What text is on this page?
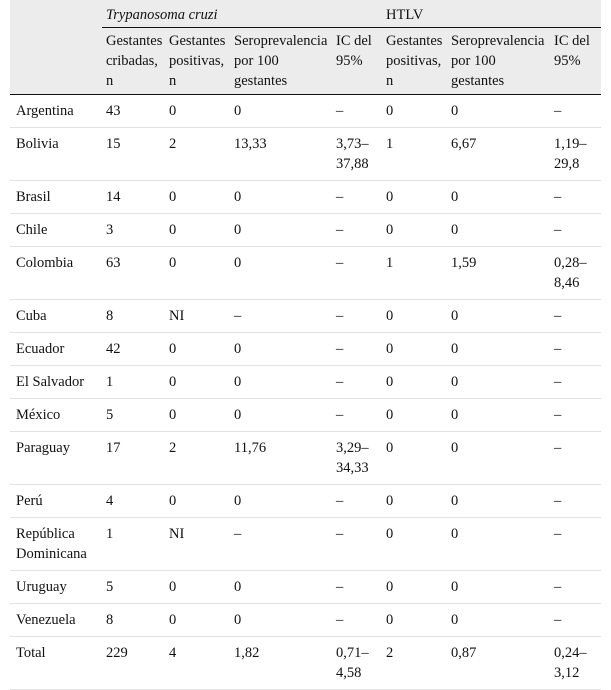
	Trypanosoma cruzi				HTLV		
	Gestantes cribadas, n	Gestantes positivas, n	Seroprevalencia por 100 gestantes	IC del 95%	Gestantes positivas, n	Seroprevalencia por 100 gestantes	IC del 95%
Argentina	43	0	0	–	0	0	–
Bolivia	15	2	13,33	3,73–37,88	1	6,67	1,19–29,8
Brasil	14	0	0	–	0	0	–
Chile	3	0	0	–	0	0	–
Colombia	63	0	0	–	1	1,59	0,28–8,46
Cuba	8	NI	–	–	0	0	–
Ecuador	42	0	0	–	0	0	–
El Salvador	1	0	0	–	0	0	–
México	5	0	0	–	0	0	–
Paraguay	17	2	11,76	3,29–34,33	0	0	–
Perú	4	0	0	–	0	0	–
República Dominicana	1	NI	–	–	0	0	–
Uruguay	5	0	0	–	0	0	–
Venezuela	8	0	0	–	0	0	–
Total	229	4	1,82	0,71–4,58	2	0,87	0,24–3,12
